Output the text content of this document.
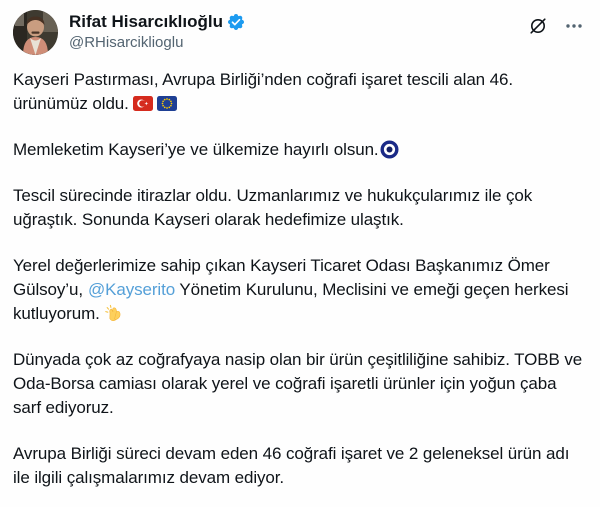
Rifat Hisarcıklıoğlu
@RHisarciklioglu

Kayseri Pastırması, Avrupa Birliği’nden coğrafi işaret tescili alan 46. ürünümüz oldu.

Memleketim Kayseri’ye ve ülkemize hayırlı olsun.

Tescil sürecinde itirazlar oldu. Uzmanlarımız ve hukukçularımız ile çok uğraştık. Sonunda Kayseri olarak hedefimize ulaştık.

Yerel değerlerimize sahip çıkan Kayseri Ticaret Odası Başkanımız Ömer Gülsoy’u, @Kayserito Yönetim Kurulunu, Meclisini ve emeği geçen herkesi kutluyorum.

Dünyada çok az coğrafyaya nasip olan bir ürün çeşitliliğine sahibiz. TOBB ve Oda-Borsa camiası olarak yerel ve coğrafi işaretli ürünler için yoğun çaba sarf ediyoruz.

Avrupa Birliği süreci devam eden 46 coğrafi işaret ve 2 geleneksel ürün adı ile ilgili çalışmalarımız devam ediyor.
